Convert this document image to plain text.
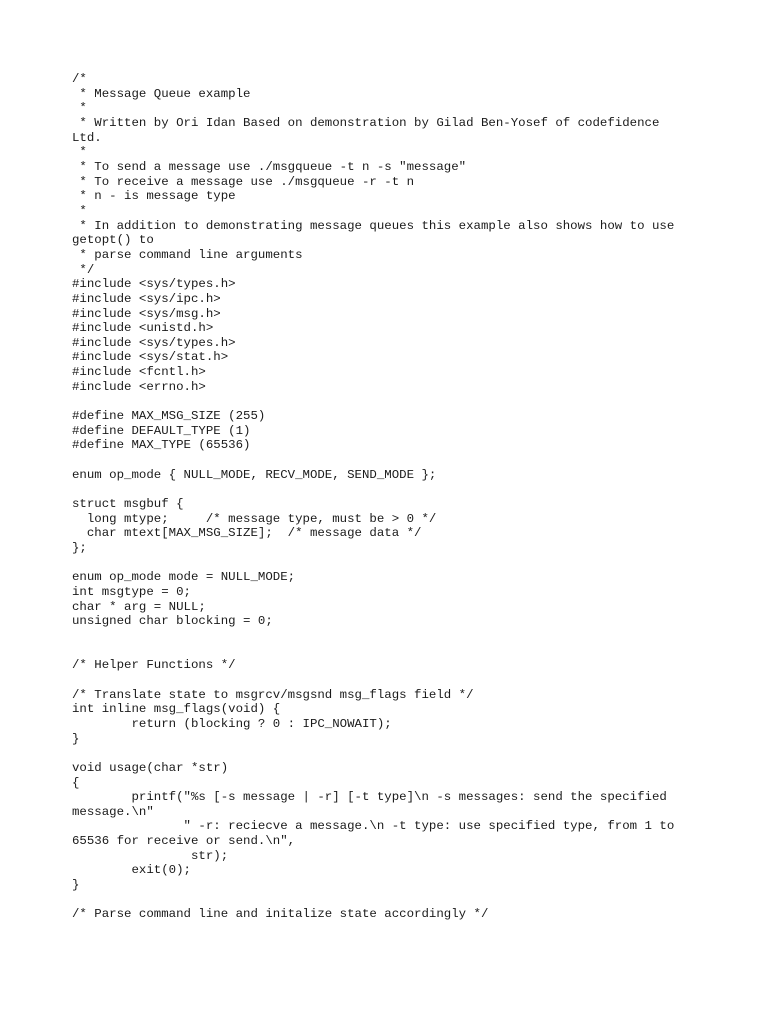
/*
* Message Queue example
*
* Written by Ori Idan Based on demonstration by Gilad Ben-Yosef of codefidence
Ltd.
*
* To send a message use ./msgqueue -t n -s "message"
* To receive a message use ./msgqueue -r -t n
* n - is message type
*
* In addition to demonstrating message queues this example also shows how to use
getopt() to
* parse command line arguments
*/
#include <sys/types.h>
#include <sys/ipc.h>
#include <sys/msg.h>
#include <unistd.h>
#include <sys/types.h>
#include <sys/stat.h>
#include <fcntl.h>
#include <errno.h>
#define MAX_MSG_SIZE (255)
#define DEFAULT_TYPE (1)
#define MAX_TYPE (65536)
enum op_mode { NULL_MODE, RECV_MODE, SEND_MODE };
struct msgbuf {
long mtype;     /* message type, must be > 0 */
char mtext[MAX_MSG_SIZE];  /* message data */
};
enum op_mode mode = NULL_MODE;
int msgtype = 0;
char * arg = NULL;
unsigned char blocking = 0;
/* Helper Functions */
/* Translate state to msgrcv/msgsnd msg_flags field */
int inline msg_flags(void) {
return (blocking ? 0 : IPC_NOWAIT);
}
void usage(char *str)
{
printf("%s [-s message | -r] [-t type]\n -s messages: send the specified
message.\n"
" -r: reciecve a message.\n -t type: use specified type, from 1 to
65536 for receive or send.\n",
str);
exit(0);
}
/* Parse command line and initalize state accordingly */
